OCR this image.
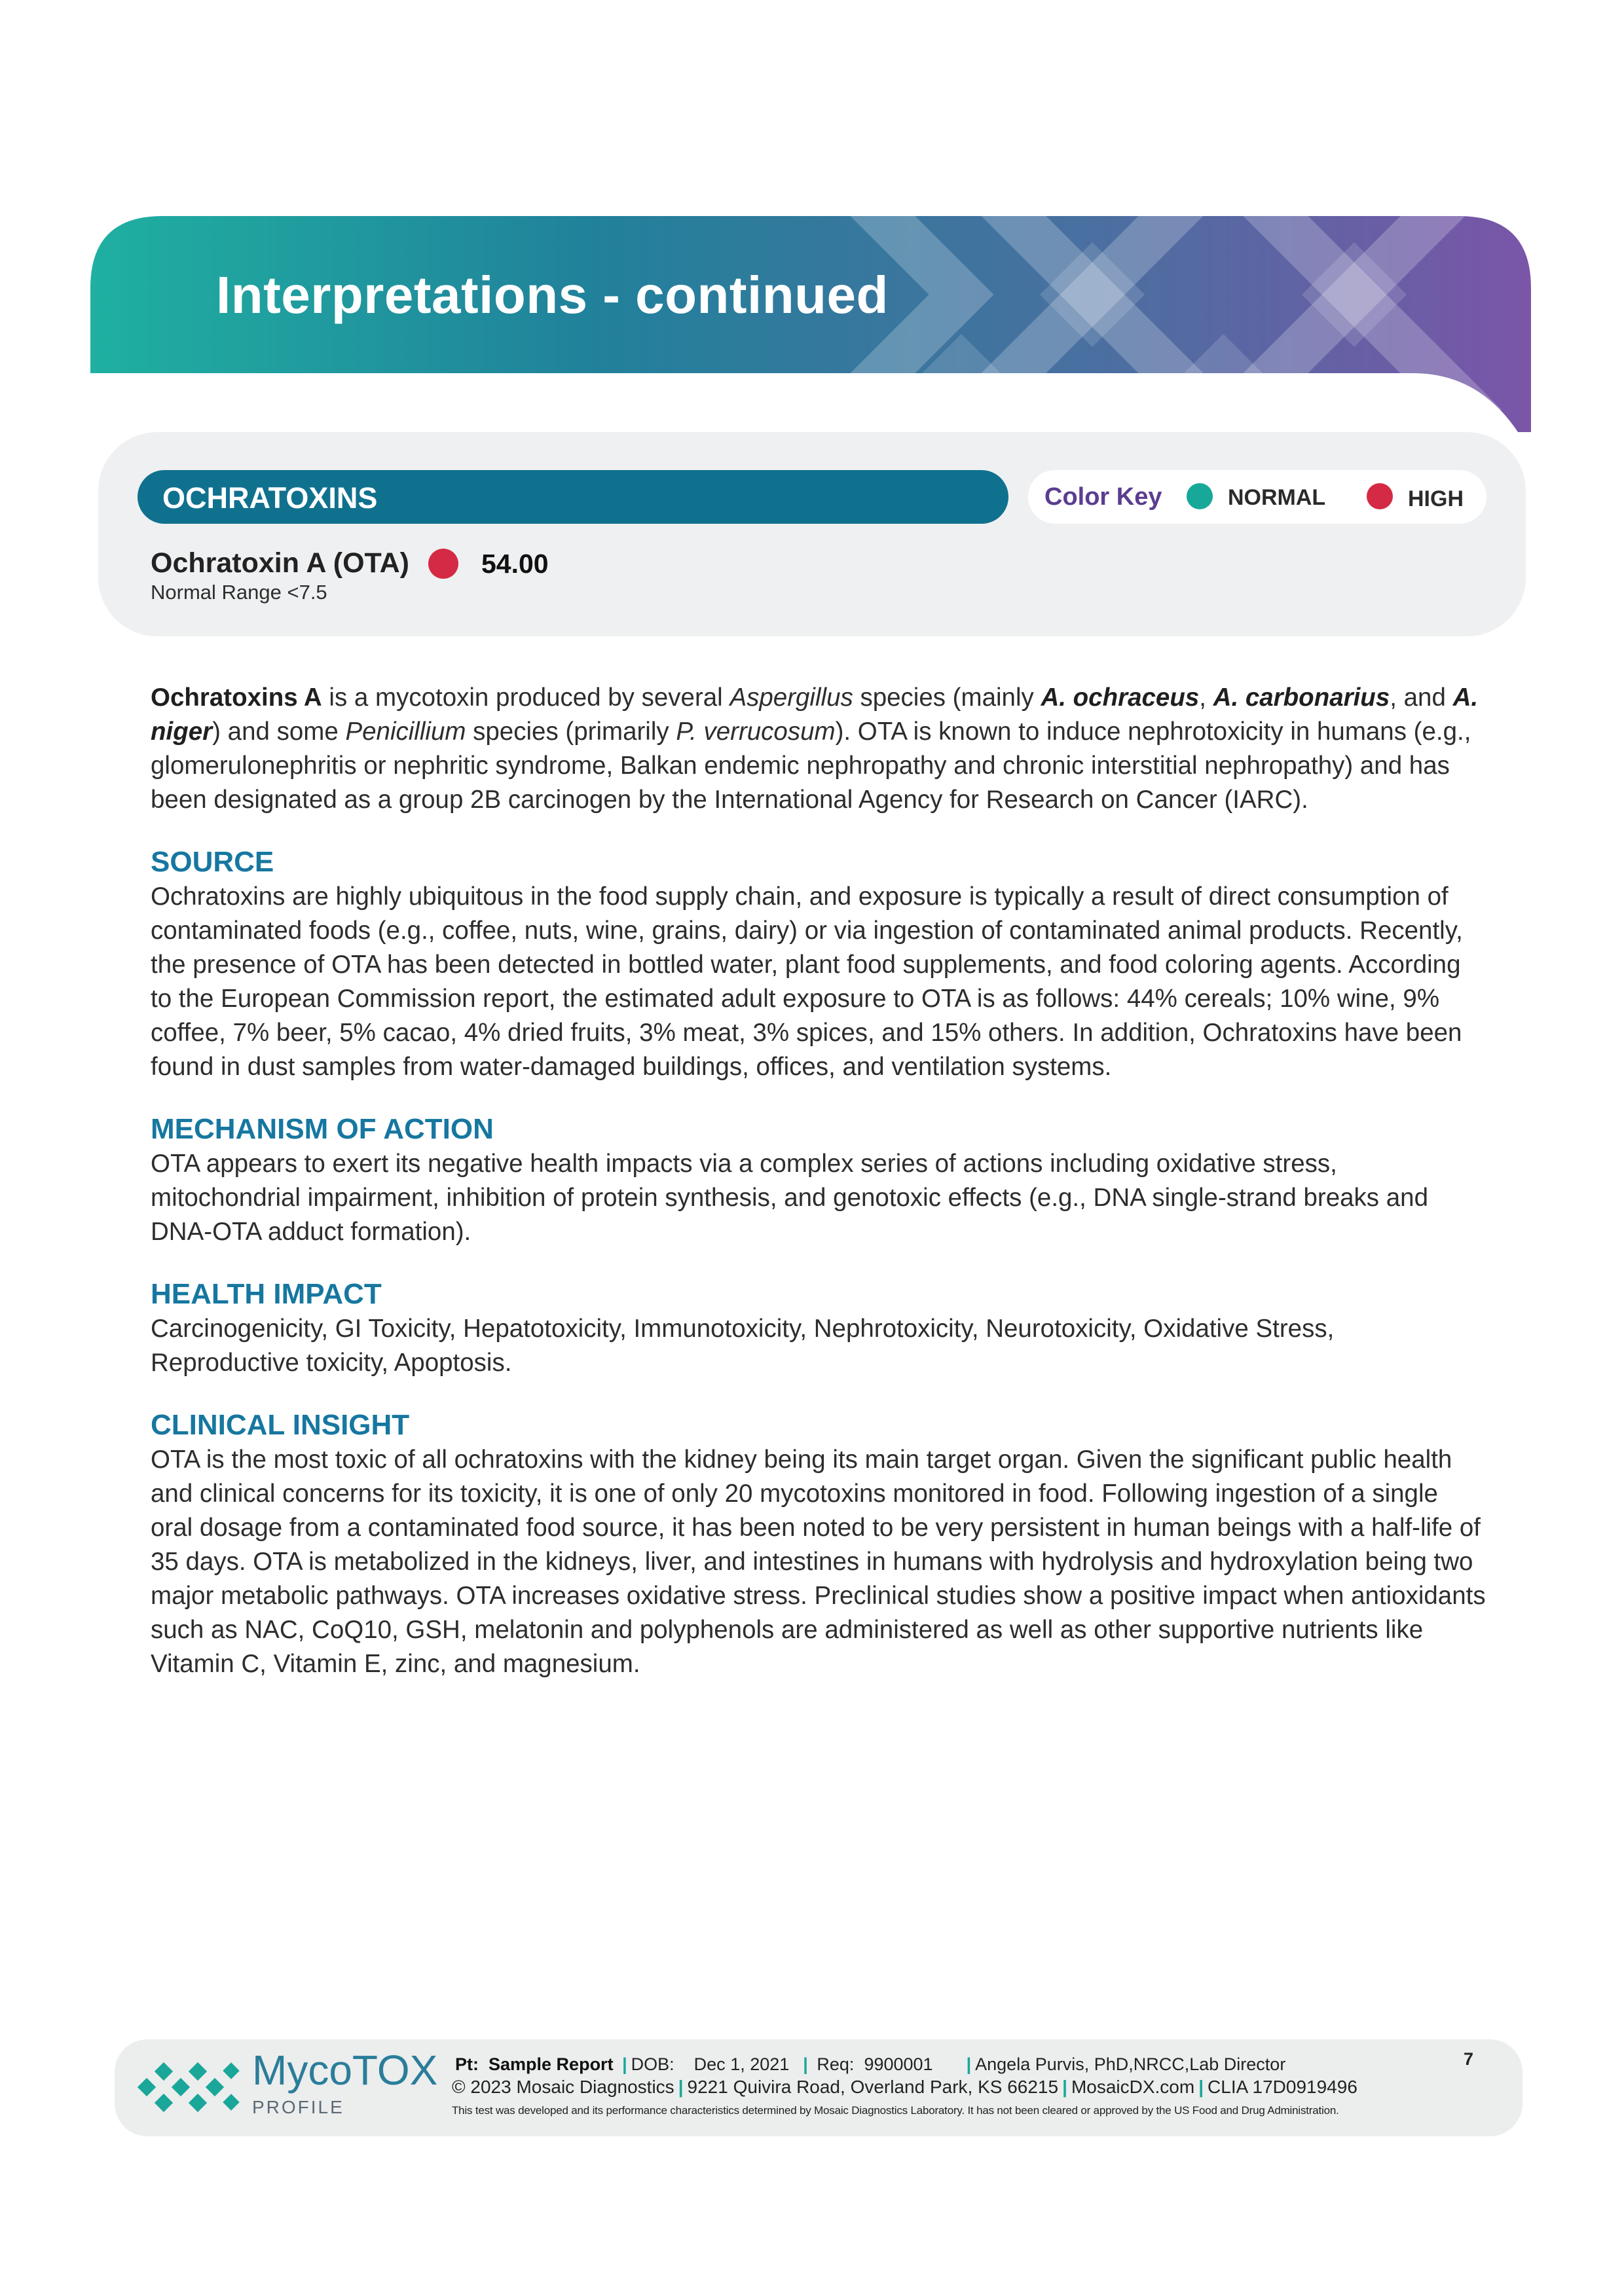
Interpretations - continued
OCHRATOXINS	Color Key	NORMAL	HIGH
Ochratoxin A (OTA)	54.00
Normal Range <7.5

Ochratoxins A is a mycotoxin produced by several Aspergillus species (mainly A. ochraceus, A. carbonarius, and A. niger) and some Penicillium species (primarily P. verrucosum). OTA is known to induce nephrotoxicity in humans (e.g., glomerulonephritis or nephritic syndrome, Balkan endemic nephropathy and chronic interstitial nephropathy) and has been designated as a group 2B carcinogen by the International Agency for Research on Cancer (IARC).

SOURCE

Ochratoxins are highly ubiquitous in the food supply chain, and exposure is typically a result of direct consumption of contaminated foods (e.g., coffee, nuts, wine, grains, dairy) or via ingestion of contaminated animal products. Recently, the presence of OTA has been detected in bottled water, plant food supplements, and food coloring agents. According to the European Commission report, the estimated adult exposure to OTA is as follows: 44% cereals; 10% wine, 9% coffee, 7% beer, 5% cacao, 4% dried fruits, 3% meat, 3% spices, and 15% others. In addition, Ochratoxins have been found in dust samples from water-damaged buildings, offices, and ventilation systems.

MECHANISM OF ACTION

OTA appears to exert its negative health impacts via a complex series of actions including oxidative stress, mitochondrial impairment, inhibition of protein synthesis, and genotoxic effects (e.g., DNA single-strand breaks and DNA-OTA adduct formation).

HEALTH IMPACT

Carcinogenicity, GI Toxicity, Hepatotoxicity, Immunotoxicity, Nephrotoxicity, Neurotoxicity, Oxidative Stress, Reproductive toxicity, Apoptosis.

CLINICAL INSIGHT

OTA is the most toxic of all ochratoxins with the kidney being its main target organ. Given the significant public health and clinical concerns for its toxicity, it is one of only 20 mycotoxins monitored in food. Following ingestion of a single oral dosage from a contaminated food source, it has been noted to be very persistent in human beings with a half-life of 35 days. OTA is metabolized in the kidneys, liver, and intestines in humans with hydrolysis and hydroxylation being two major metabolic pathways. OTA increases oxidative stress. Preclinical studies show a positive impact when antioxidants such as NAC, CoQ10, GSH, melatonin and polyphenols are administered as well as other supportive nutrients like Vitamin C, Vitamin E, zinc, and magnesium.

MycoTOX
PROFILE
Pt: Sample Report | DOB: Dec 1, 2021 | Req: 9900001 | Angela Purvis, PhD,NRCC,Lab Director
© 2023 Mosaic Diagnostics | 9221 Quivira Road, Overland Park, KS 66215 | MosaicDX.com | CLIA 17D0919496
This test was developed and its performance characteristics determined by Mosaic Diagnostics Laboratory. It has not been cleared or approved by the US Food and Drug Administration.
7
